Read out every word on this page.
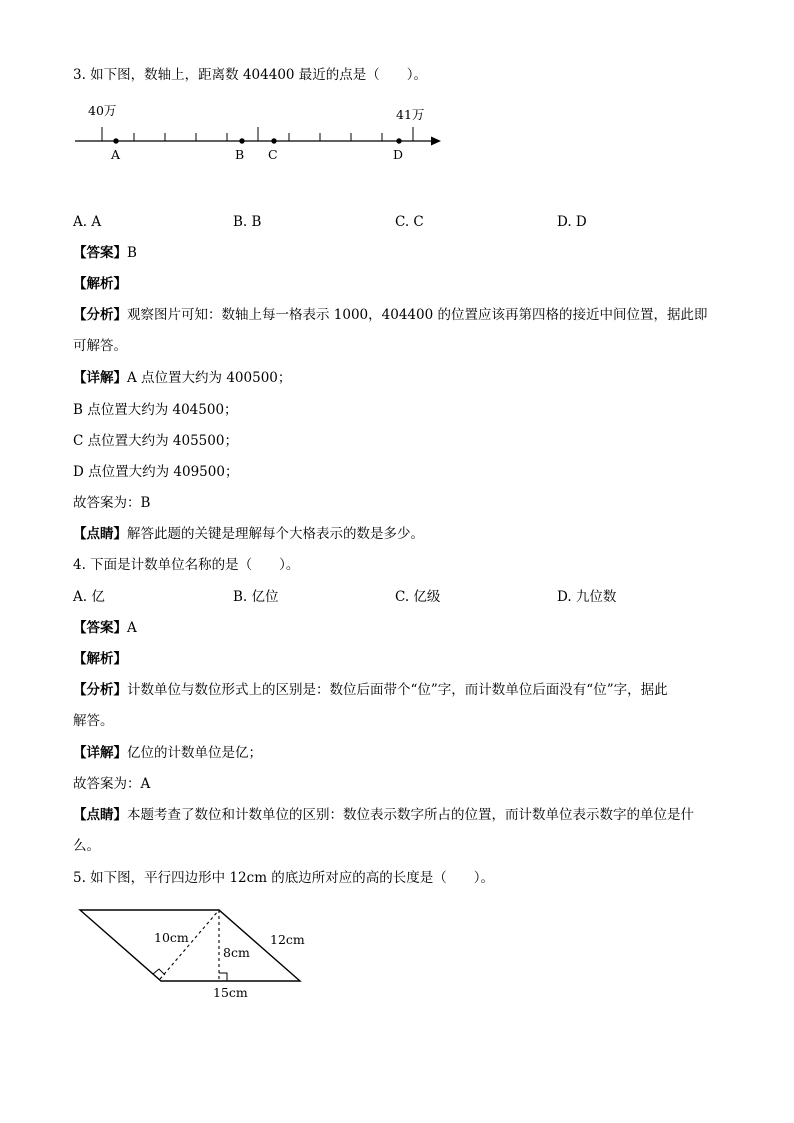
3. 如下图，数轴上，距离数 404400 最近的点是（　　）。
40万	41万
A	B C	D
A. A	B. B	C. C	D. D
【答案】B
【解析】
【分析】观察图片可知：数轴上每一格表示 1000，404400 的位置应该再第四格的接近中间位置，据此即
可解答。
【详解】A 点位置大约为 400500；
B 点位置大约为 404500；
C 点位置大约为 405500；
D 点位置大约为 409500；
故答案为：B
【点睛】解答此题的关键是理解每个大格表示的数是多少。
4. 下面是计数单位名称的是（　　）。
A. 亿	B. 亿位	C. 亿级	D. 九位数
【答案】A
【解析】
【分析】计数单位与数位形式上的区别是：数位后面带个“位”字，而计数单位后面没有“位”字，据此
解答。
【详解】亿位的计数单位是亿；
故答案为：A
【点睛】本题考查了数位和计数单位的区别：数位表示数字所占的位置，而计数单位表示数字的单位是什
么。
5. 如下图，平行四边形中 12cm 的底边所对应的高的长度是（　　）。
10cm	12cm
8cm
15cm
